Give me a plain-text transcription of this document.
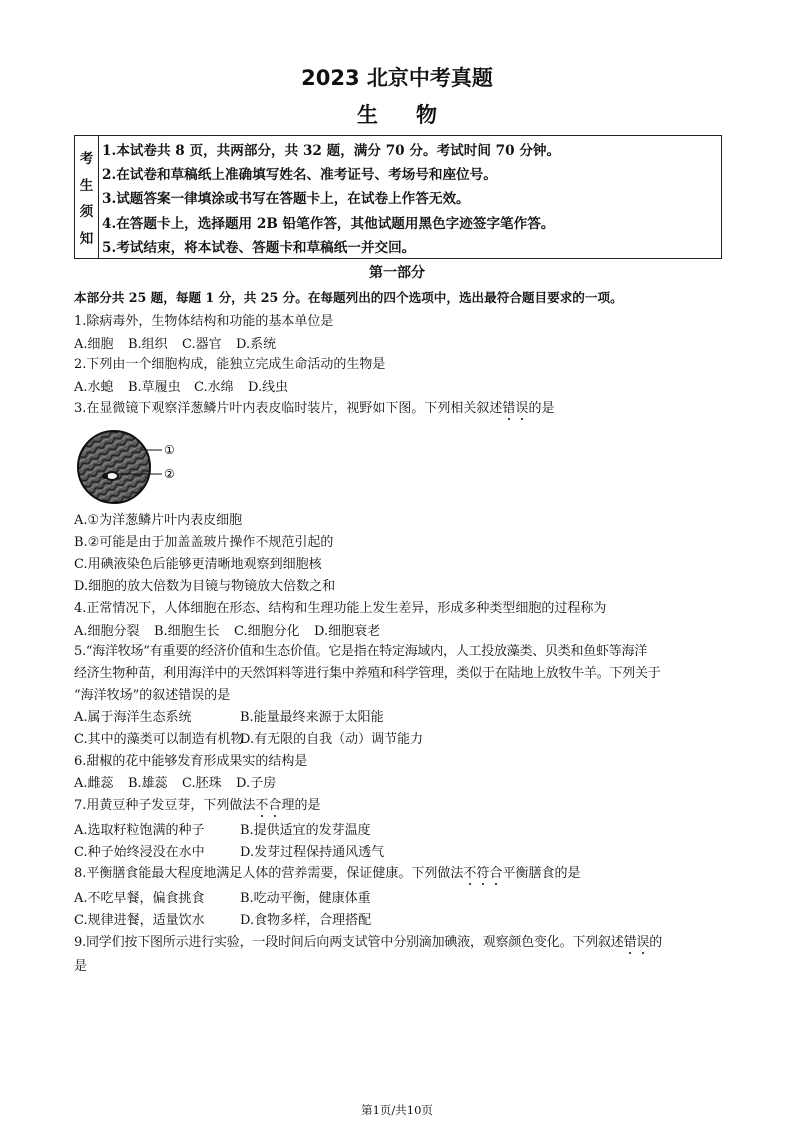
2023 北京中考真题
生物
考
生
须
知
1.本试卷共 8 页，共两部分，共 32 题，满分 70 分。考试时间 70 分钟。
2.在试卷和草稿纸上准确填写姓名、准考证号、考场号和座位号。
3.试题答案一律填涂或书写在答题卡上，在试卷上作答无效。
4.在答题卡上，选择题用 2B 铅笔作答，其他试题用黑色字迹签字笔作答。
5.考试结束，将本试卷、答题卡和草稿纸一并交回。
第一部分
本部分共 25 题，每题 1 分，共 25 分。在每题列出的四个选项中，选出最符合题目要求的一项。
1.除病毒外，生物体结构和功能的基本单位是
A.细胞 B.组织 C.器官 D.系统
2.下列由一个细胞构成，能独立完成生命活动的生物是
A.水螅 B.草履虫 C.水绵 D.线虫
3.在显微镜下观察洋葱鳞片叶内表皮临时装片，视野如下图。下列相关叙述错误的是
①
②
A.①为洋葱鳞片叶内表皮细胞
B.②可能是由于加盖盖玻片操作不规范引起的
C.用碘液染色后能够更清晰地观察到细胞核
D.细胞的放大倍数为目镜与物镜放大倍数之和
4.正常情况下，人体细胞在形态、结构和生理功能上发生差异，形成多种类型细胞的过程称为
A.细胞分裂 B.细胞生长 C.细胞分化 D.细胞衰老
5.“海洋牧场”有重要的经济价值和生态价值。它是指在特定海域内，人工投放藻类、贝类和鱼虾等海洋
经济生物种苗，利用海洋中的天然饵料等进行集中养殖和科学管理，类似于在陆地上放牧牛羊。下列关于
“海洋牧场”的叙述错误的是
A.属于海洋生态系统	B.能量最终来源于太阳能
C.其中的藻类可以制造有机物D.有无限的自我（动）调节能力
6.甜椒的花中能够发育形成果实的结构是
A.雌蕊 B.雄蕊 C.胚珠 D.子房
7.用黄豆种子发豆芽，下列做法不合理的是
A.选取籽粒饱满的种子	B.提供适宜的发芽温度
C.种子始终浸没在水中	D.发芽过程保持通风透气
8.平衡膳食能最大程度地满足人体的营养需要，保证健康。下列做法不符合平衡膳食的是
A.不吃早餐，偏食挑食	B.吃动平衡，健康体重
C.规律进餐，适量饮水	D.食物多样，合理搭配
9.同学们按下图所示进行实验，一段时间后向两支试管中分别滴加碘液，观察颜色变化。下列叙述错误的
是
第1页/共10页
